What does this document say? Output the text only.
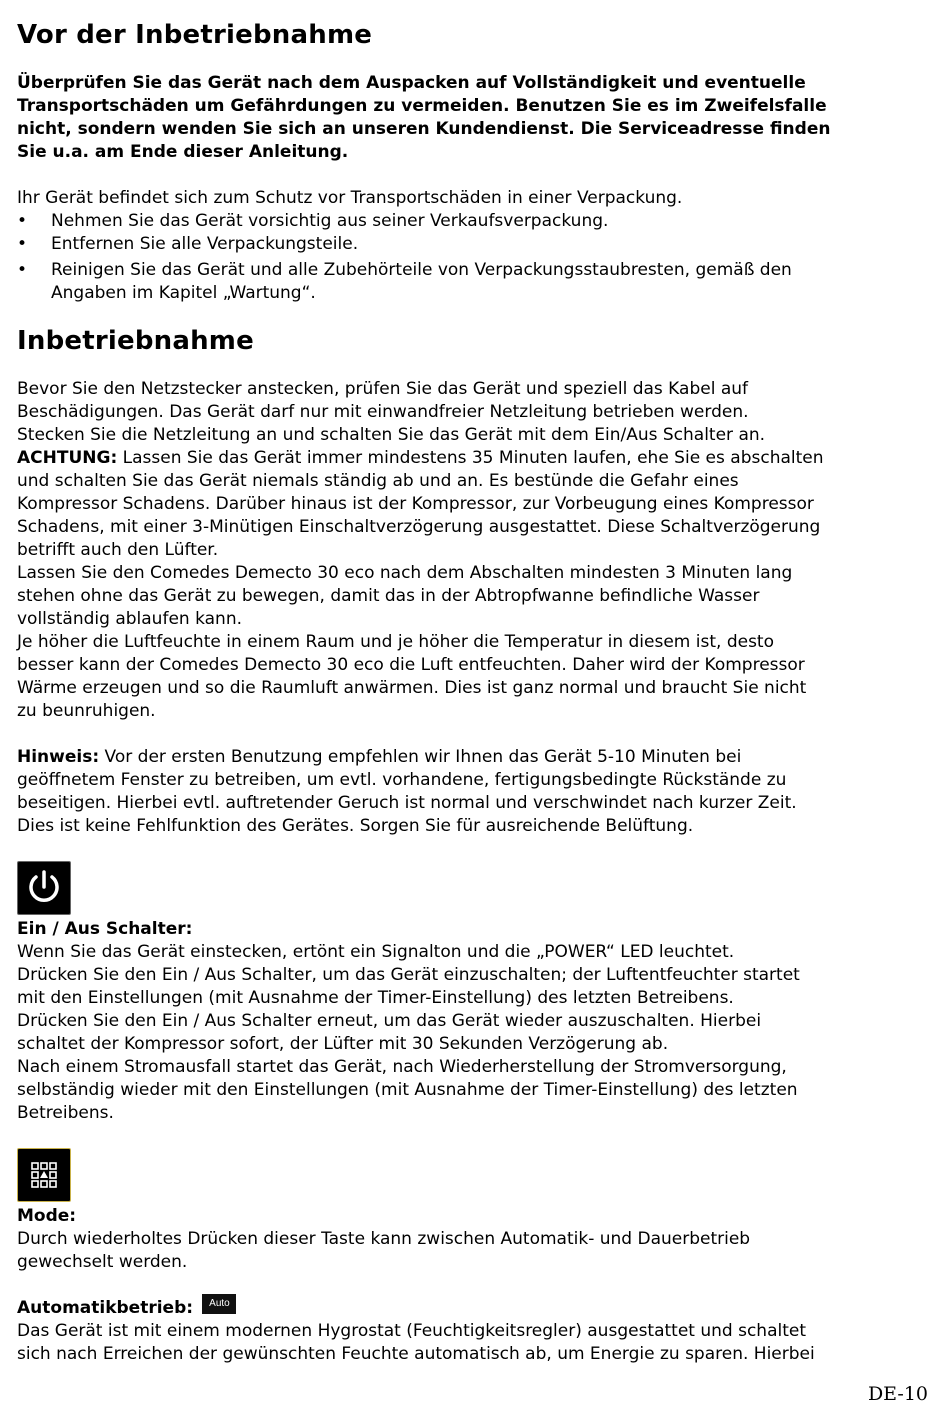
Vor der Inbetriebnahme

Überprüfen Sie das Gerät nach dem Auspacken auf Vollständigkeit und eventuelle

Transportschäden um Gefährdungen zu vermeiden. Benutzen Sie es im Zweifelsfalle

nicht, sondern wenden Sie sich an unseren Kundendienst. Die Serviceadresse finden

Sie u.a. am Ende dieser Anleitung.

Ihr Gerät befindet sich zum Schutz vor Transportschäden in einer Verpackung.

• Nehmen Sie das Gerät vorsichtig aus seiner Verkaufsverpackung.
• Entfernen Sie alle Verpackungsteile.
• Reinigen Sie das Gerät und alle Zubehörteile von Verpackungsstaubresten, gemäß den
Angaben im Kapitel „Wartung“.
Inbetriebnahme

Bevor Sie den Netzstecker anstecken, prüfen Sie das Gerät und speziell das Kabel auf

Beschädigungen. Das Gerät darf nur mit einwandfreier Netzleitung betrieben werden.

Stecken Sie die Netzleitung an und schalten Sie das Gerät mit dem Ein/Aus Schalter an.

ACHTUNG: Lassen Sie das Gerät immer mindestens 35 Minuten laufen, ehe Sie es abschalten

und schalten Sie das Gerät niemals ständig ab und an. Es bestünde die Gefahr eines

Kompressor Schadens. Darüber hinaus ist der Kompressor, zur Vorbeugung eines Kompressor

Schadens, mit einer 3-Minütigen Einschaltverzögerung ausgestattet. Diese Schaltverzögerung

betrifft auch den Lüfter.

Lassen Sie den Comedes Demecto 30 eco nach dem Abschalten mindesten 3 Minuten lang

stehen ohne das Gerät zu bewegen, damit das in der Abtropfwanne befindliche Wasser

vollständig ablaufen kann.

Je höher die Luftfeuchte in einem Raum und je höher die Temperatur in diesem ist, desto

besser kann der Comedes Demecto 30 eco die Luft entfeuchten. Daher wird der Kompressor

Wärme erzeugen und so die Raumluft anwärmen. Dies ist ganz normal und braucht Sie nicht

zu beunruhigen.

Hinweis: Vor der ersten Benutzung empfehlen wir Ihnen das Gerät 5-10 Minuten bei

geöffnetem Fenster zu betreiben, um evtl. vorhandene, fertigungsbedingte Rückstände zu

beseitigen. Hierbei evtl. auftretender Geruch ist normal und verschwindet nach kurzer Zeit.

Dies ist keine Fehlfunktion des Gerätes. Sorgen Sie für ausreichende Belüftung.

Ein / Aus Schalter:

Wenn Sie das Gerät einstecken, ertönt ein Signalton und die „POWER“ LED leuchtet.

Drücken Sie den Ein / Aus Schalter, um das Gerät einzuschalten; der Luftentfeuchter startet

mit den Einstellungen (mit Ausnahme der Timer-Einstellung) des letzten Betreibens.

Drücken Sie den Ein / Aus Schalter erneut, um das Gerät wieder auszuschalten. Hierbei

schaltet der Kompressor sofort, der Lüfter mit 30 Sekunden Verzögerung ab.

Nach einem Stromausfall startet das Gerät, nach Wiederherstellung der Stromversorgung,

selbständig wieder mit den Einstellungen (mit Ausnahme der Timer-Einstellung) des letzten

Betreibens.

Mode:

Durch wiederholtes Drücken dieser Taste kann zwischen Automatik- und Dauerbetrieb

gewechselt werden.

Automatikbetrieb: Auto

Das Gerät ist mit einem modernen Hygrostat (Feuchtigkeitsregler) ausgestattet und schaltet

sich nach Erreichen der gewünschten Feuchte automatisch ab, um Energie zu sparen. Hierbei

DE-10
